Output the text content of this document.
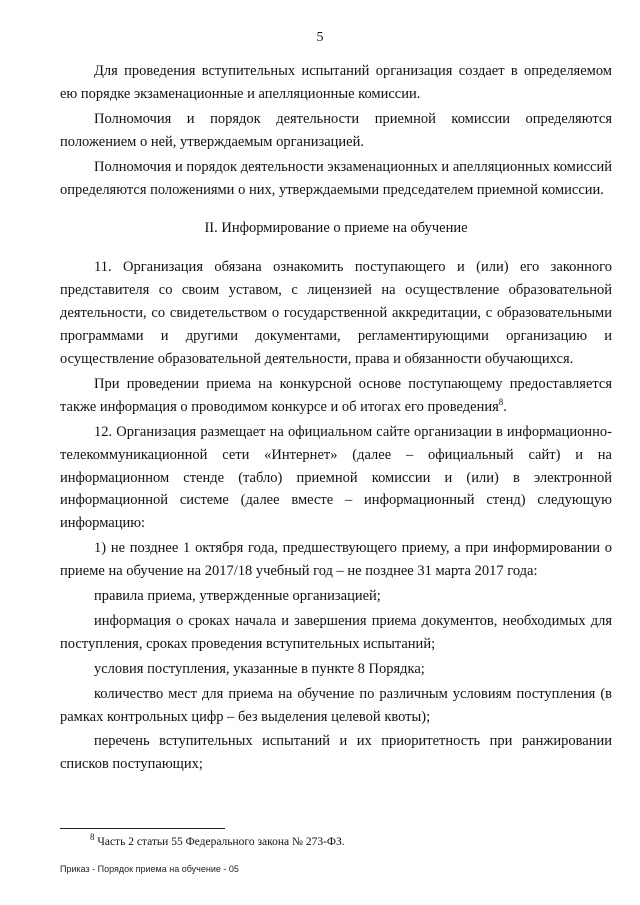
5

Для проведения вступительных испытаний организация создает в определяемом ею порядке экзаменационные и апелляционные комиссии.

Полномочия и порядок деятельности приемной комиссии определяются положением о ней, утверждаемым организацией.

Полномочия и порядок деятельности экзаменационных и апелляционных комиссий определяются положениями о них, утверждаемыми председателем приемной комиссии.

II. Информирование о приеме на обучение

11. Организация обязана ознакомить поступающего и (или) его законного представителя со своим уставом, с лицензией на осуществление образовательной деятельности, со свидетельством о государственной аккредитации, с образовательными программами и другими документами, регламентирующими организацию и осуществление образовательной деятельности, права и обязанности обучающихся.

При проведении приема на конкурсной основе поступающему предоставляется также информация о проводимом конкурсе и об итогах его проведения$^8$.

12. Организация размещает на официальном сайте организации в информационно-телекоммуникационной сети «Интернет» (далее – официальный сайт) и на информационном стенде (табло) приемной комиссии и (или) в электронной информационной системе (далее вместе – информационный стенд) следующую информацию:

1) не позднее 1 октября года, предшествующего приему, а при информировании о приеме на обучение на 2017/18 учебный год – не позднее 31 марта 2017 года:

правила приема, утвержденные организацией;

информация о сроках начала и завершения приема документов, необходимых для поступления, сроках проведения вступительных испытаний;

условия поступления, указанные в пункте 8 Порядка;

количество мест для приема на обучение по различным условиям поступления (в рамках контрольных цифр – без выделения целевой квоты);

перечень вступительных испытаний и их приоритетность при ранжировании списков поступающих;

$^8$ Часть 2 статьи 55 Федерального закона № 273-ФЗ.
Приказ - Порядок приема на обучение - 05
